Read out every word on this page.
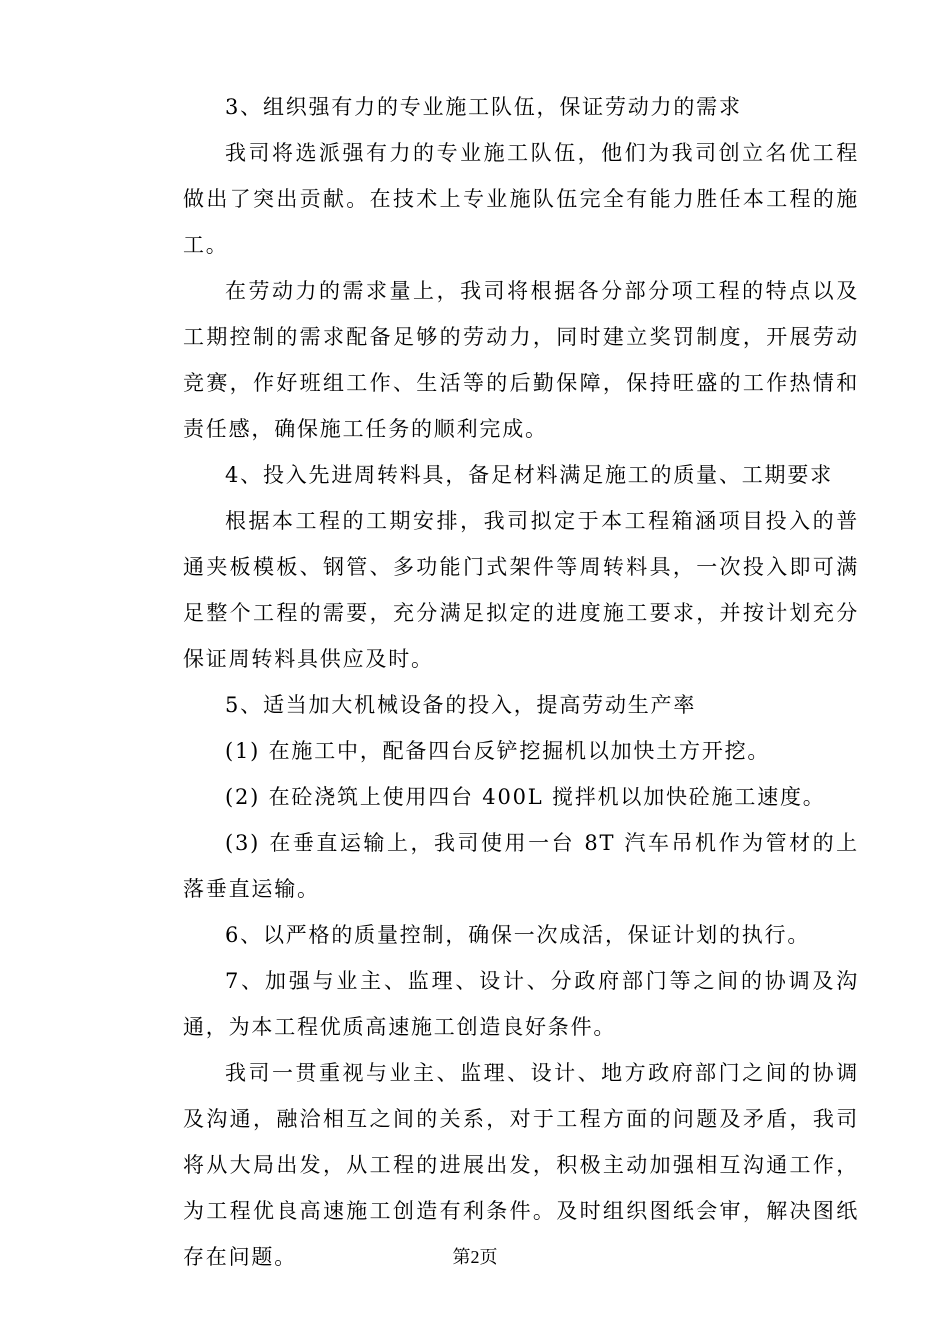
3、组织强有力的专业施工队伍，保证劳动力的需求

我司将选派强有力的专业施工队伍，他们为我司创立名优工程做出了突出贡献。在技术上专业施队伍完全有能力胜任本工程的施工。

在劳动力的需求量上，我司将根据各分部分项工程的特点以及工期控制的需求配备足够的劳动力，同时建立奖罚制度，开展劳动竞赛，作好班组工作、生活等的后勤保障，保持旺盛的工作热情和责任感，确保施工任务的顺利完成。

4、投入先进周转料具，备足材料满足施工的质量、工期要求

根据本工程的工期安排，我司拟定于本工程箱涵项目投入的普通夹板模板、钢管、多功能门式架件等周转料具，一次投入即可满足整个工程的需要，充分满足拟定的进度施工要求，并按计划充分保证周转料具供应及时。

5、适当加大机械设备的投入，提高劳动生产率

(1) 在施工中，配备四台反铲挖掘机以加快土方开挖。

(2) 在砼浇筑上使用四台 400L 搅拌机以加快砼施工速度。

(3) 在垂直运输上，我司使用一台 8T 汽车吊机作为管材的上落垂直运输。

6、以严格的质量控制，确保一次成活，保证计划的执行。

7、加强与业主、监理、设计、分政府部门等之间的协调及沟通，为本工程优质高速施工创造良好条件。

我司一贯重视与业主、监理、设计、地方政府部门之间的协调及沟通，融洽相互之间的关系，对于工程方面的问题及矛盾，我司将从大局出发，从工程的进展出发，积极主动加强相互沟通工作，为工程优良高速施工创造有利条件。及时组织图纸会审，解决图纸存在问题。	第2页
